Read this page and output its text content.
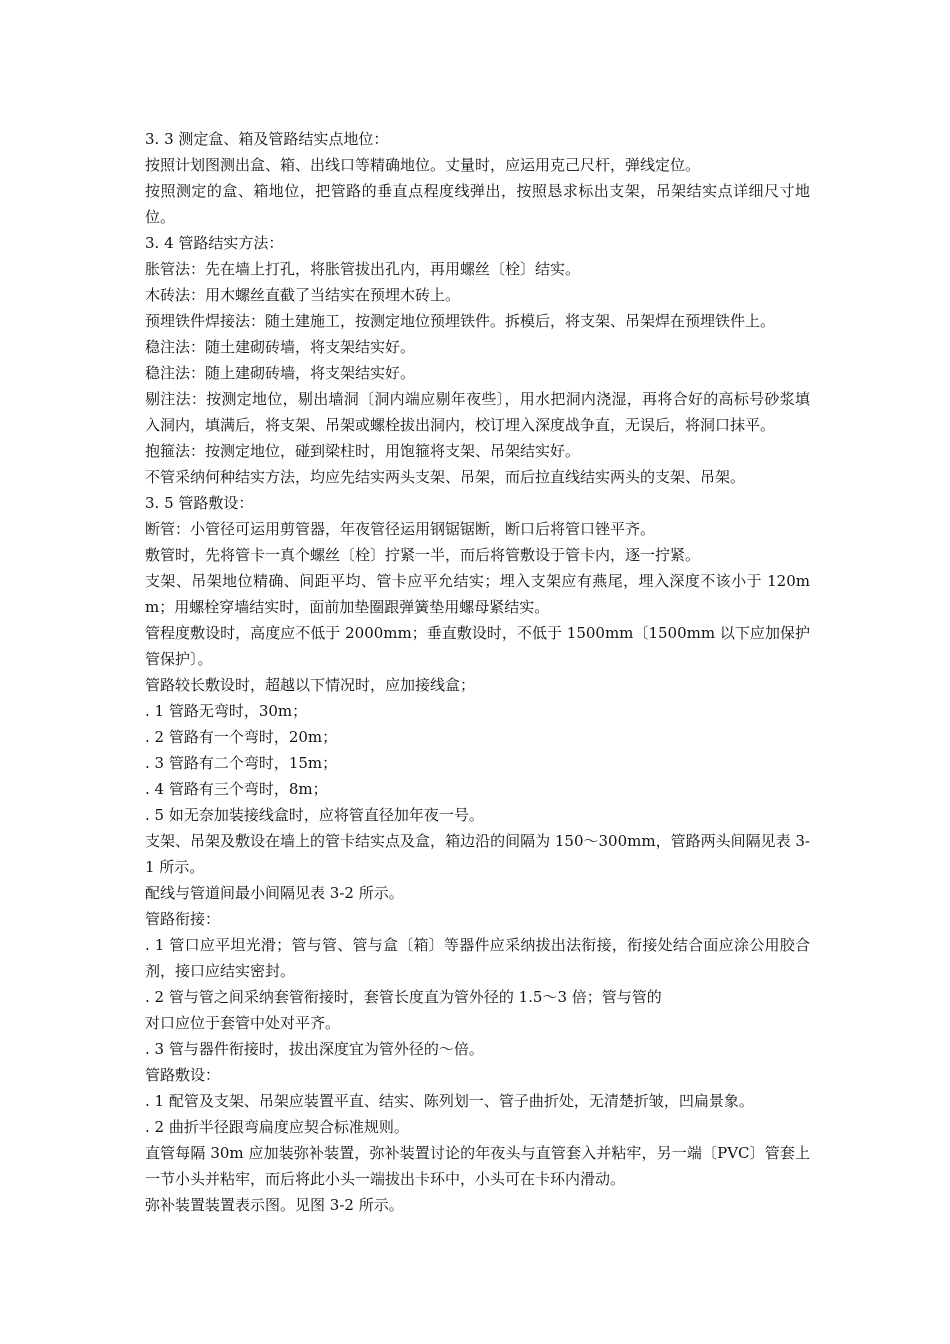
3. 3 测定盒、箱及管路结实点地位：

按照计划图测出盒、箱、出线口等精确地位。丈量时，应运用克己尺杆，弹线定位。

按照测定的盒、箱地位，把管路的垂直点程度线弹出，按照恳求标出支架，吊架结实点详细尺寸地位。

3. 4 管路结实方法：

胀管法：先在墙上打孔，将胀管拔出孔内，再用螺丝〔栓〕结实。

木砖法：用木螺丝直截了当结实在预埋木砖上。

预埋铁件焊接法：随土建施工，按测定地位预埋铁件。拆模后，将支架、吊架焊在预埋铁件上。

稳注法：随土建砌砖墙，将支架结实好。

稳注法：随上建砌砖墙，将支架结实好。

剔注法：按测定地位，剔出墙洞〔洞内端应剔年夜些〕，用水把洞内浇湿，再将合好的高标号砂浆填入洞内，填满后，将支架、吊架或螺栓拔出洞内，校订埋入深度战争直，无误后，将洞口抹平。

抱箍法：按测定地位，碰到梁柱时，用饱箍将支架、吊架结实好。

不管采纳何种结实方法，均应先结实两头支架、吊架，而后拉直线结实两头的支架、吊架。

3. 5 管路敷设：

断管：小管径可运用剪管器，年夜管径运用钢锯锯断，断口后将管口锉平齐。

敷管时，先将管卡一真个螺丝〔栓〕拧紧一半，而后将管敷设于管卡内，逐一拧紧。

支架、吊架地位精确、间距平均、管卡应平允结实；埋入支架应有燕尾，埋入深度不该小于 120mm；用螺栓穿墙结实时，面前加垫圈跟弹簧垫用螺母紧结实。

管程度敷设时，高度应不低于 2000mm；垂直敷设时，不低于 1500mm〔1500mm 以下应加保护管保护〕。

管路较长敷设时，超越以下情况时，应加接线盒；

. 1 管路无弯时，30m；

. 2 管路有一个弯时，20m；

. 3 管路有二个弯时，15m；

. 4 管路有三个弯时，8m；

. 5 如无奈加装接线盒时，应将管直径加年夜一号。

支架、吊架及敷设在墙上的管卡结实点及盒，箱边沿的间隔为 150～300mm，管路两头间隔见表 3-1 所示。

配线与管道间最小间隔见表 3-2 所示。

管路衔接：

. 1 管口应平坦光滑；管与管、管与盒〔箱〕等器件应采纳拔出法衔接，衔接处结合面应涂公用胶合剂，接口应结实密封。

. 2 管与管之间采纳套管衔接时，套管长度直为管外径的 1.5～3 倍；管与管的

对口应位于套管中处对平齐。

. 3 管与器件衔接时，拔出深度宜为管外径的～倍。

管路敷设：

. 1 配管及支架、吊架应装置平直、结实、陈列划一、管子曲折处，无清楚折皱，凹扁景象。

. 2 曲折半径跟弯扁度应契合标准规则。

直管每隔 30m 应加装弥补装置，弥补装置讨论的年夜头与直管套入并粘牢，另一端〔PVC〕管套上一节小头并粘牢，而后将此小头一端拔出卡环中，小头可在卡环内滑动。

弥补装置装置表示图。见图 3-2 所示。
